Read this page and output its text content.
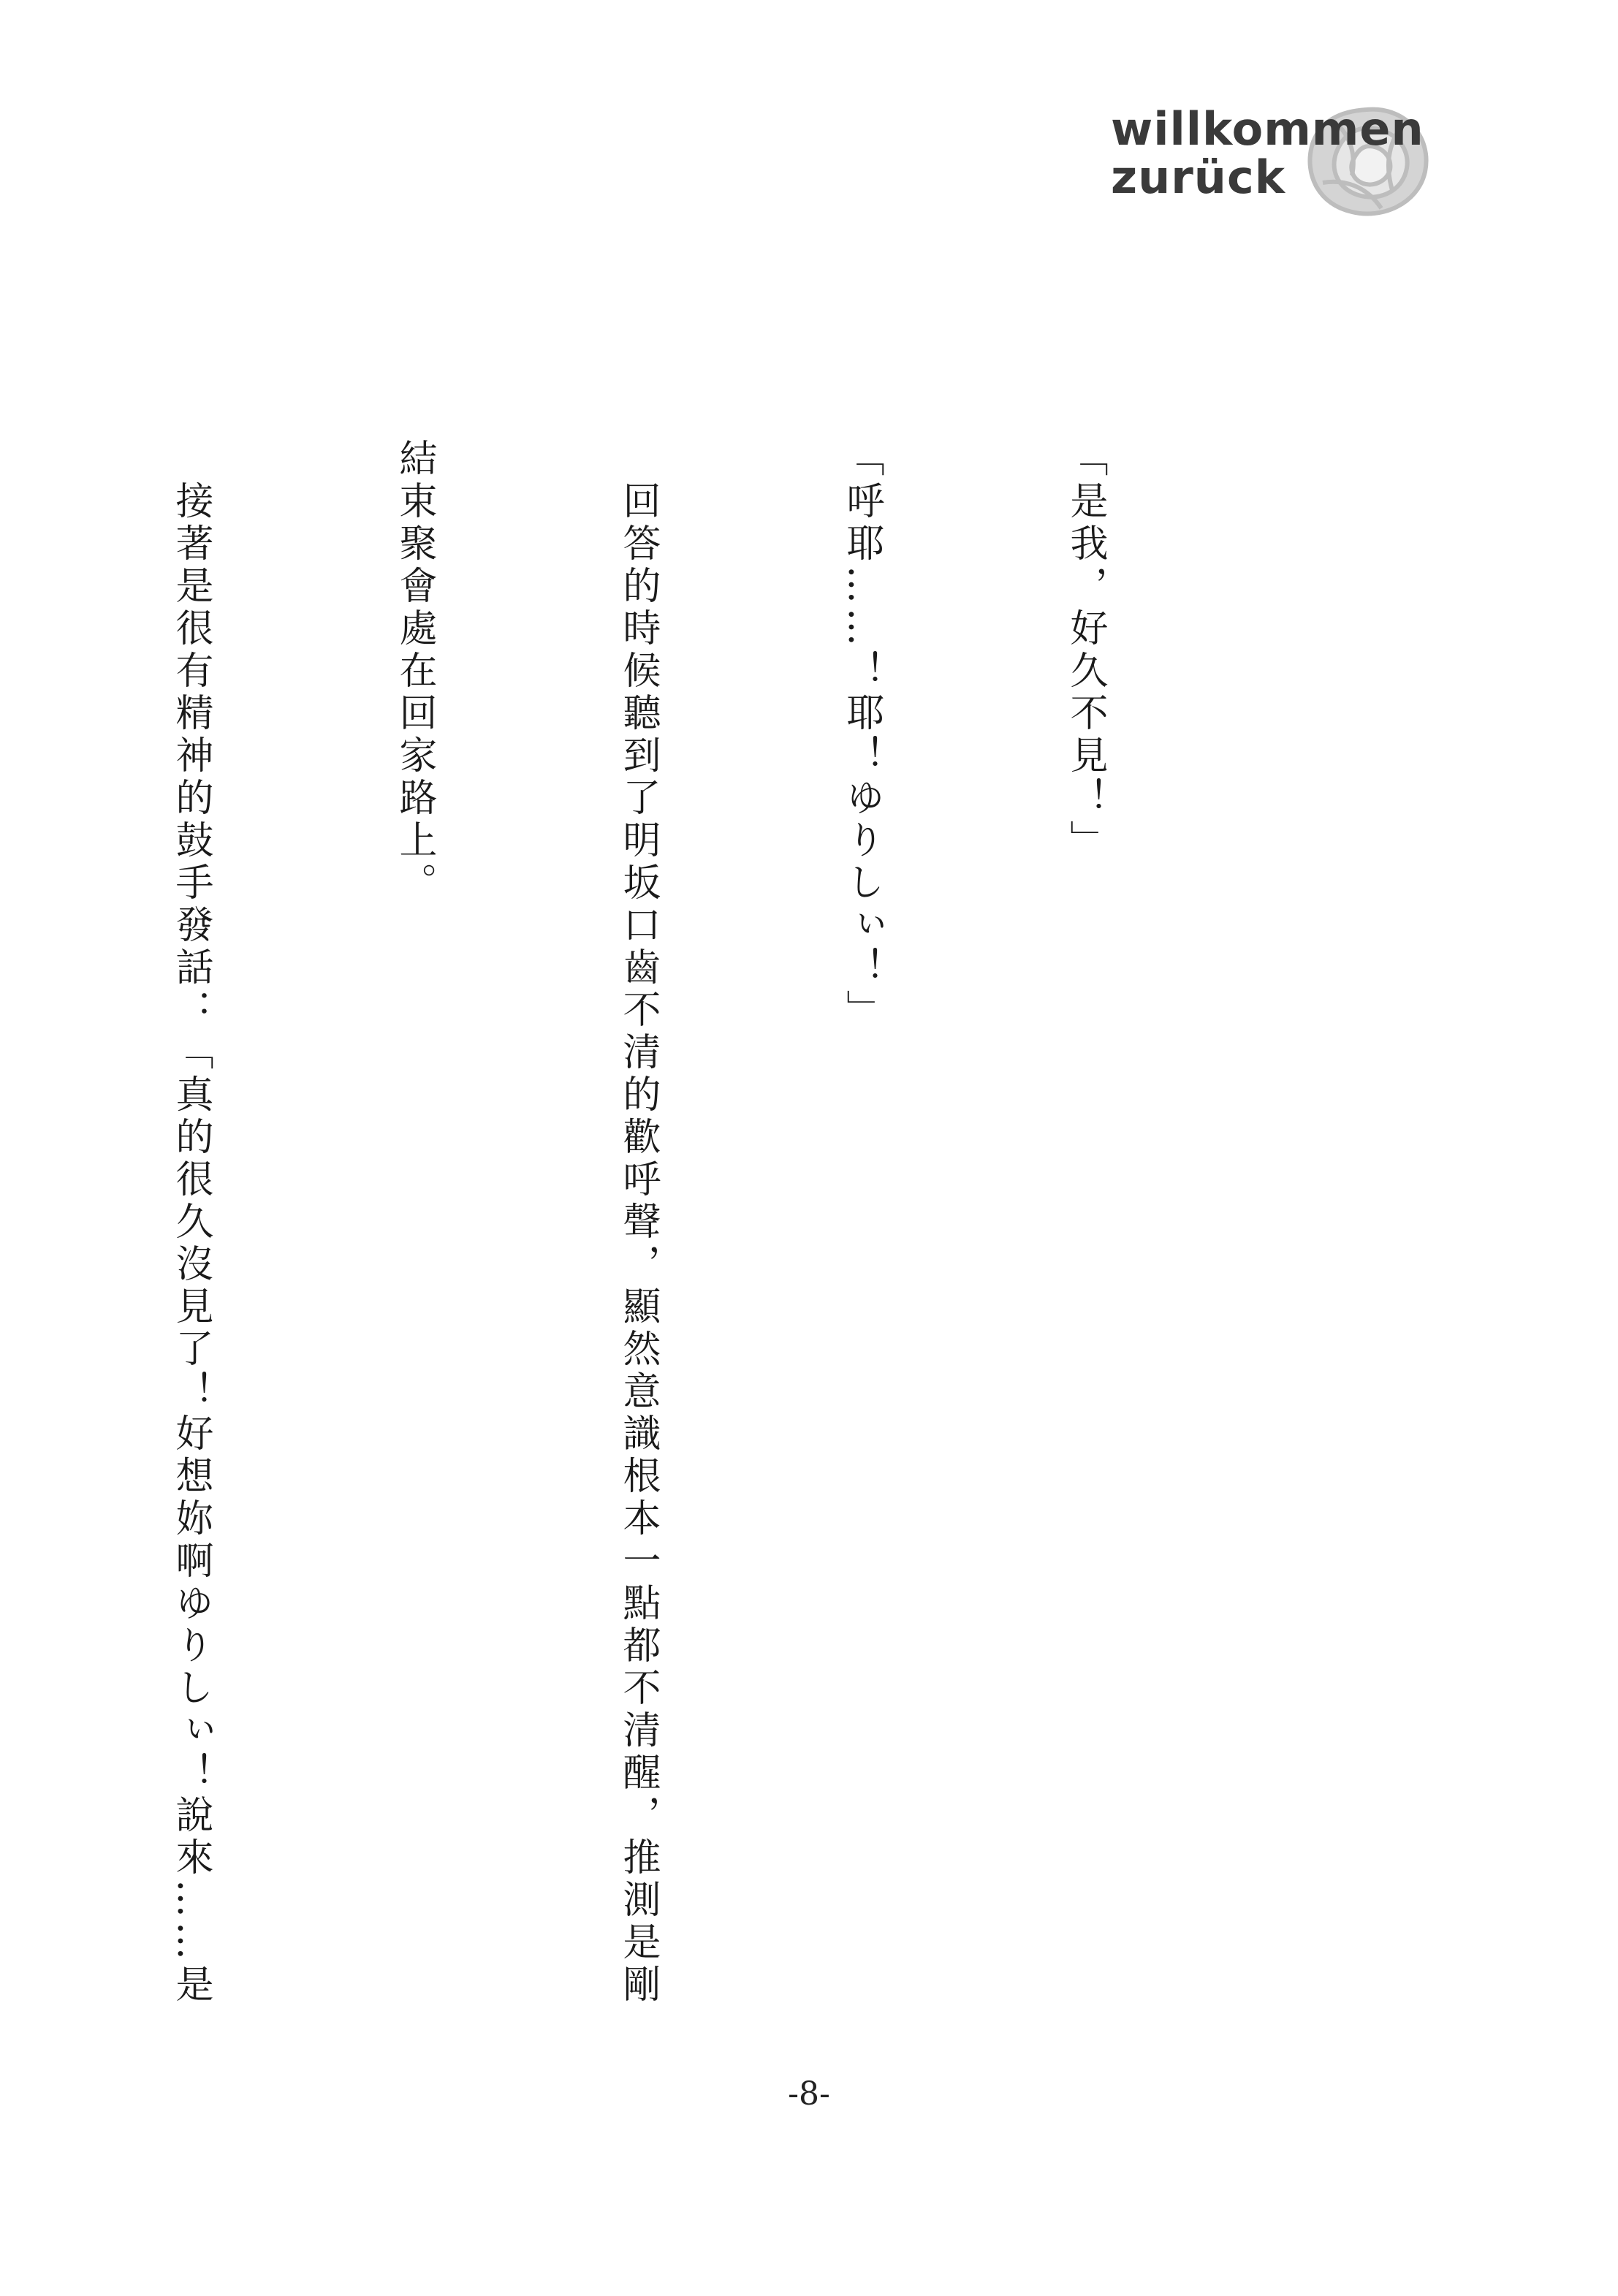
willkommen
zurück

「是我，好久不見！」

「呼耶……！耶！ゆりしぃ！」

　回答的時候聽到了明坂口齒不清的歡呼聲，顯然意識根本一點都不清醒，推測是剛

結束聚會處在回家路上。

　接著是很有精神的鼓手發話：「真的很久沒見了！好想妳啊ゆりしぃ！說來……是

-8-
